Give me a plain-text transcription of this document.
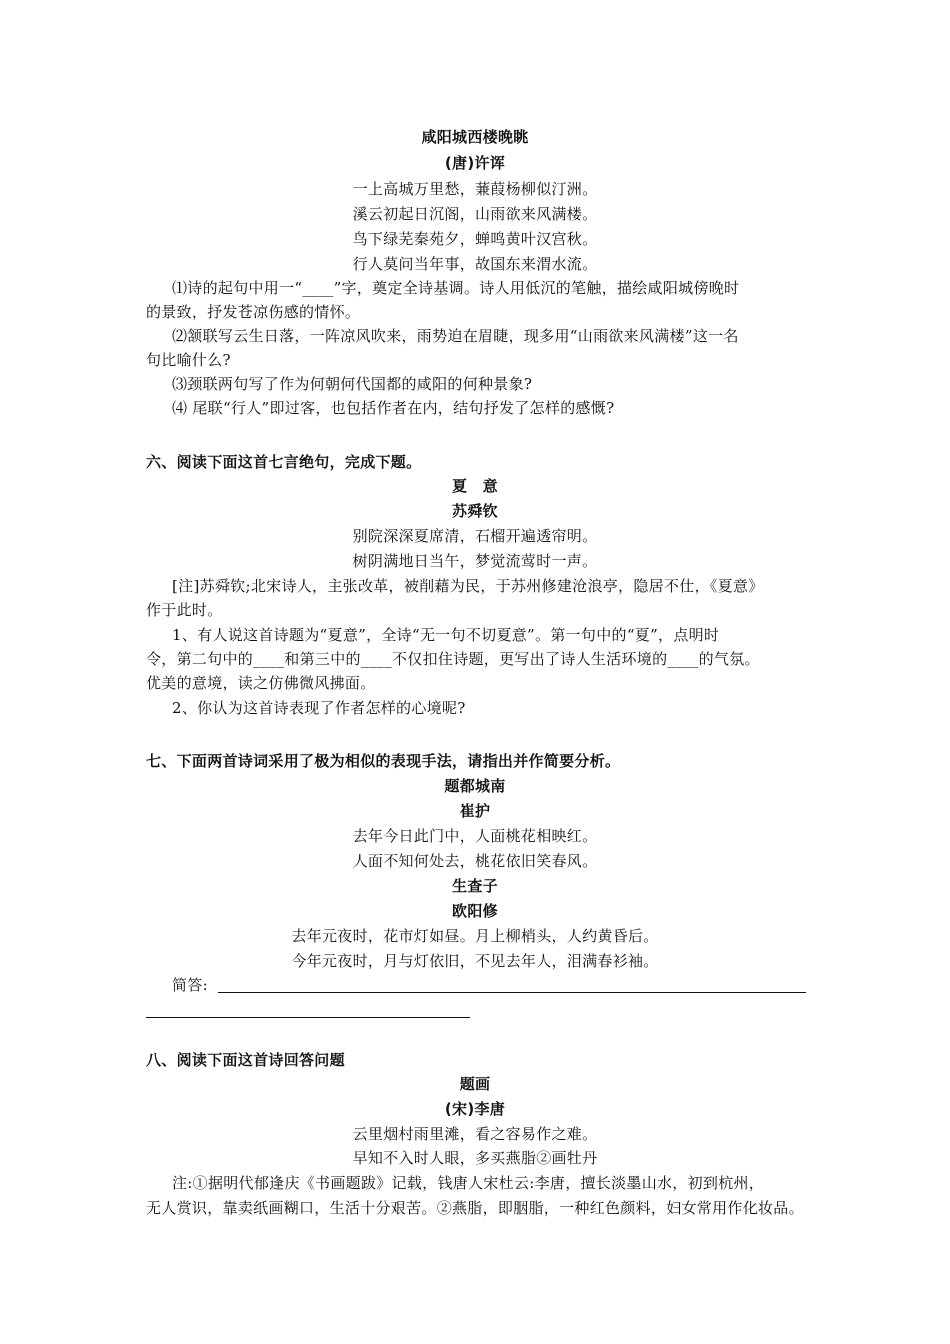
咸阳城西楼晚眺
(唐)许诨
一上高城万里愁，蒹葭杨柳似汀洲。
溪云初起日沉阁，山雨欲来风满楼。
鸟下绿芜秦苑夕，蝉鸣黄叶汉宫秋。
行人莫问当年事，故国东来渭水流。
⑴诗的起句中用一“____”字，奠定全诗基调。诗人用低沉的笔触，描绘咸阳城傍晚时
的景致，抒发苍凉伤感的情怀。
⑵颔联写云生日落，一阵凉风吹来，雨势迫在眉睫，现多用“山雨欲来风满楼”这一名
句比喻什么?
⑶颈联两句写了作为何朝何代国都的咸阳的何种景象?
⑷ 尾联“行人”即过客，也包括作者在内，结句抒发了怎样的感慨?
六、阅读下面这首七言绝句，完成下题。
夏　意
苏舜钦
别院深深夏席清，石榴开遍透帘明。
树阴满地日当午，梦觉流莺时一声。
[注]苏舜钦;北宋诗人，主张改革，被削藉为民，于苏州修建沧浪亭，隐居不仕，《夏意》
作于此时。
1、有人说这首诗题为“夏意”，全诗“无一句不切夏意”。第一句中的“夏”，点明时
令，第二句中的____和第三中的____不仅扣住诗题，更写出了诗人生活环境的____的气氛。
优美的意境，读之仿佛微风拂面。
2、你认为这首诗表现了作者怎样的心境呢?
七、下面两首诗词采用了极为相似的表现手法，请指出并作简要分析。
题都城南
崔护
去年今日此门中，人面桃花相映红。
人面不知何处去，桃花依旧笑春风。
生查子
欧阳修
去年元夜时，花市灯如昼。月上柳梢头，人约黄昏后。
今年元夜时，月与灯依旧，不见去年人，泪满春衫袖。
简答:
八、阅读下面这首诗回答问题
题画
(宋)李唐
云里烟村雨里滩，看之容易作之难。
早知不入时人眼，多买燕脂②画牡丹
注:①据明代郁逢庆《书画题跋》记载，钱唐人宋杜云:李唐，擅长淡墨山水，初到杭州，
无人赏识，靠卖纸画糊口，生活十分艰苦。②燕脂，即胭脂，一种红色颜料，妇女常用作化妆品。
